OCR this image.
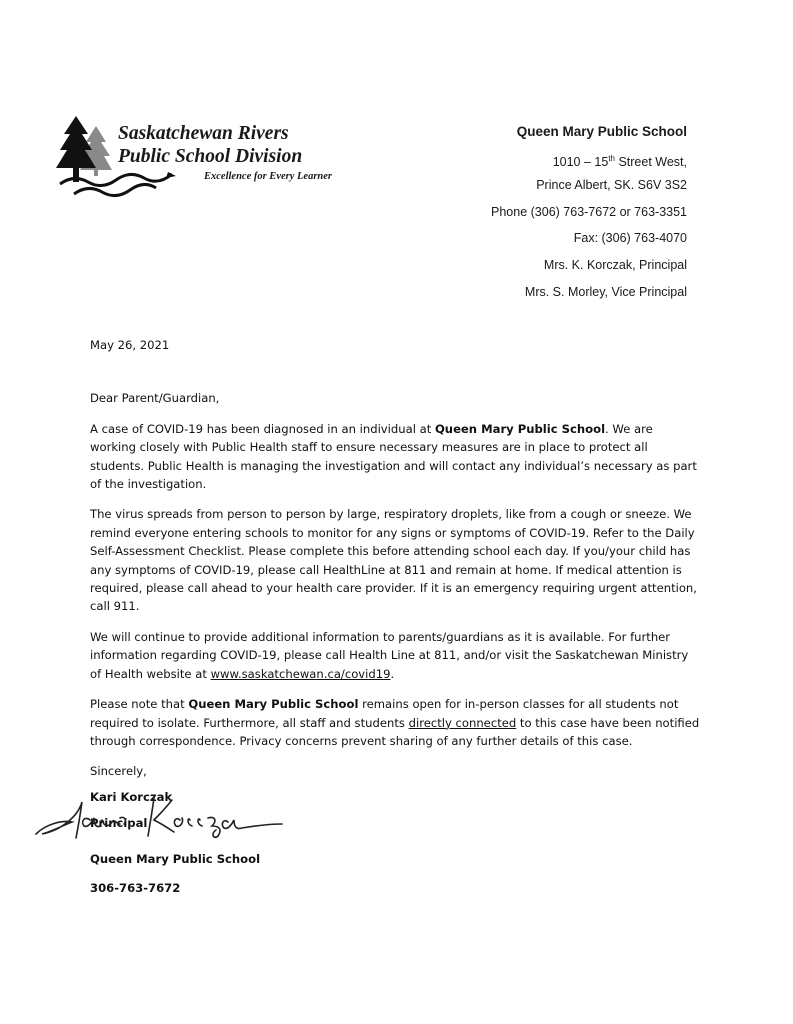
Saskatchewan Rivers
Public School Division
Excellence for Every Learner
Queen Mary Public School
1010 – 15th Street West,
Prince Albert, SK. S6V 3S2
Phone (306) 763-7672 or 763-3351
Fax: (306) 763-4070
Mrs. K. Korczak, Principal
Mrs. S. Morley, Vice Principal

May 26, 2021

Dear Parent/Guardian,

A case of COVID-19 has been diagnosed in an individual at Queen Mary Public School. We are working closely with Public Health staff to ensure necessary measures are in place to protect all students. Public Health is managing the investigation and will contact any individual’s necessary as part of the investigation.

The virus spreads from person to person by large, respiratory droplets, like from a cough or sneeze. We remind everyone entering schools to monitor for any signs or symptoms of COVID-19. Refer to the Daily Self-Assessment Checklist. Please complete this before attending school each day. If you/your child has any symptoms of COVID-19, please call HealthLine at 811 and remain at home. If medical attention is required, please call ahead to your health care provider. If it is an emergency requiring urgent attention, call 911.

We will continue to provide additional information to parents/guardians as it is available. For further information regarding COVID-19, please call Health Line at 811, and/or visit the Saskatchewan Ministry of Health website at www.saskatchewan.ca/covid19.

Please note that Queen Mary Public School remains open for in-person classes for all students not required to isolate. Furthermore, all staff and students directly connected to this case have been notified through correspondence. Privacy concerns prevent sharing of any further details of this case.

Sincerely,

Kari Korczak
Principal
Queen Mary Public School
306-763-7672
